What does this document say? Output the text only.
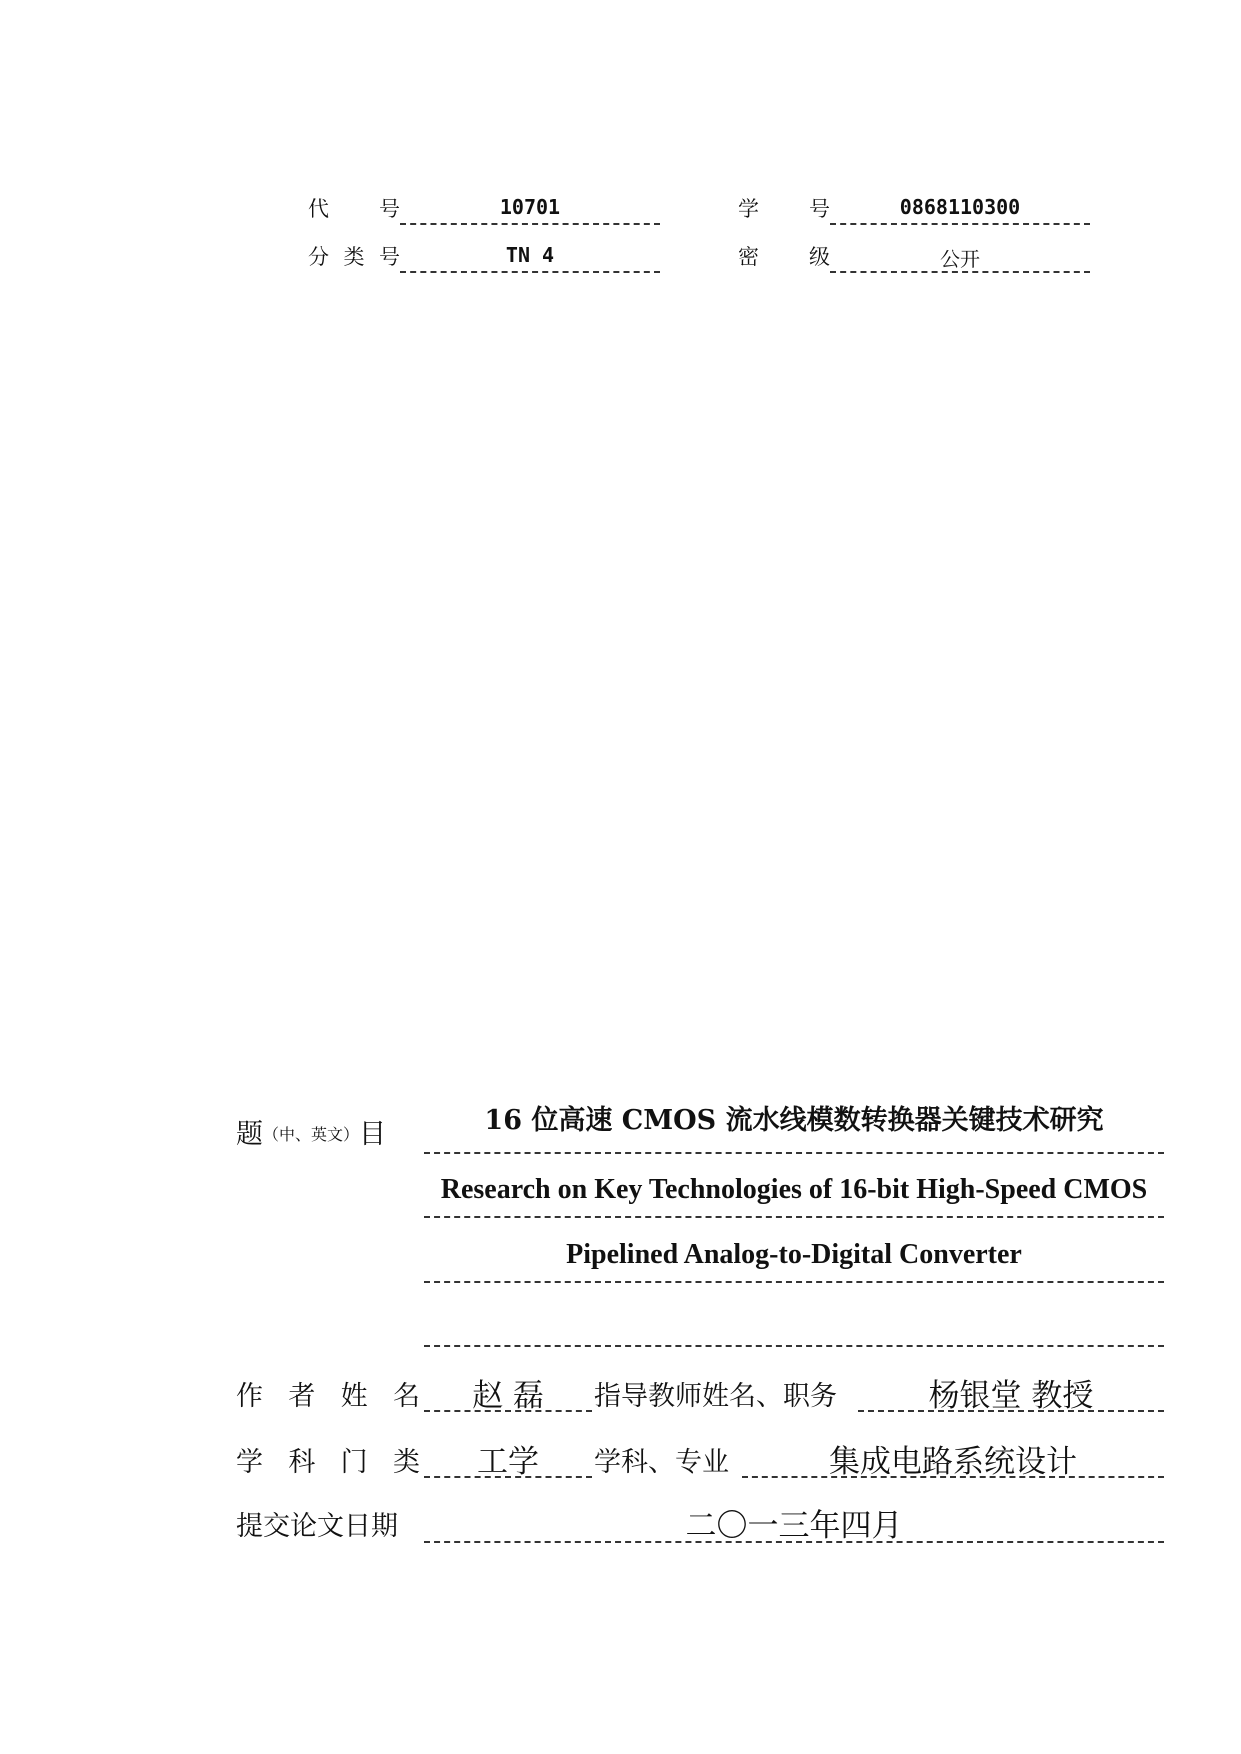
代 号	10701	学 号	0868110300
分 类 号	TN 4	密 级	公开
题（中、英文）目	16 位高速 CMOS 流水线模数转换器关键技术研究
Research on Key Technologies of 16-bit High-Speed CMOS
Pipelined Analog-to-Digital Converter
作 者 姓 名	赵 磊	指导教师姓名、职务	杨银堂 教授
学 科 门 类	工学	学科、专业	集成电路系统设计
提交论文日期	二〇一三年四月
